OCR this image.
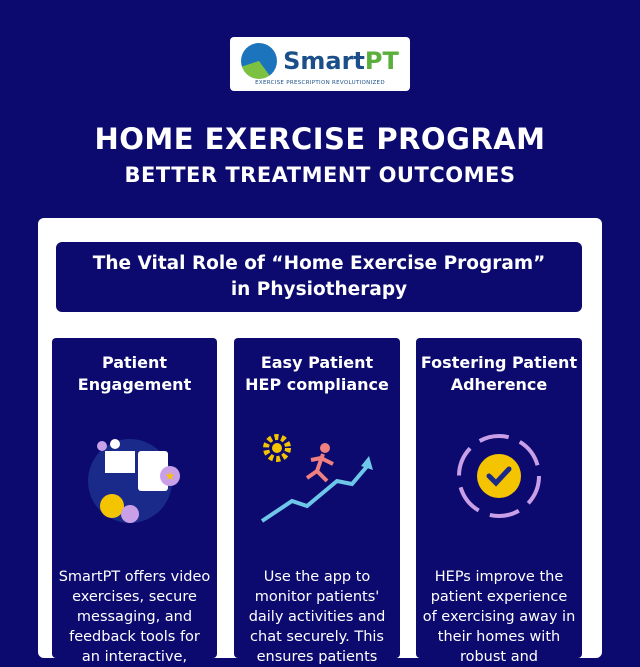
SmartPT
EXERCISE PRESCRIPTION REVOLUTIONIZED
HOME EXERCISE PROGRAM
BETTER TREATMENT OUTCOMES
The Vital Role of “Home Exercise Program”
in Physiotherapy
Patient
Engagement
★

SmartPT offers video exercises, secure messaging, and feedback tools for an interactive,

Easy Patient
HEP compliance

Use the app to monitor patients' daily activities and chat securely. This ensures patients

Fostering Patient
Adherence

HEPs improve the patient experience of exercising away in their homes with robust and
